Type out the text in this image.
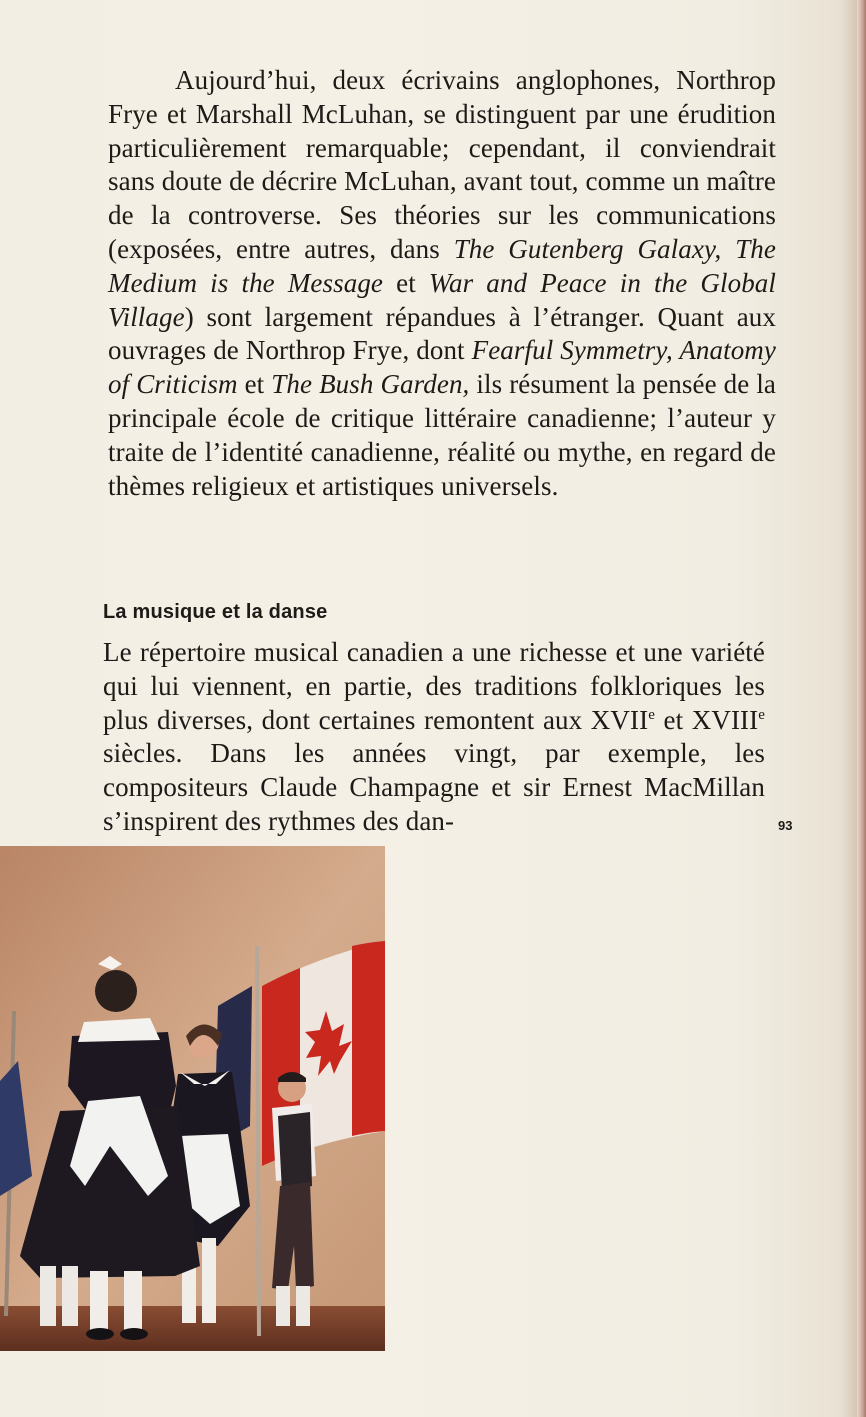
Aujourd’hui, deux écrivains anglophones, Northrop Frye et Marshall McLuhan, se distinguent par une érudition particulièrement remarquable; cependant, il conviendrait sans doute de décrire McLuhan, avant tout, comme un maître de la controverse. Ses théories sur les communications (exposées, entre autres, dans The Gutenberg Galaxy, The Medium is the Message et War and Peace in the Global Village) sont largement répandues à l’étranger. Quant aux ouvrages de Northrop Frye, dont Fearful Symmetry, Anatomy of Criticism et The Bush Garden, ils résument la pensée de la principale école de critique littéraire canadienne; l’auteur y traite de l’identité canadienne, réalité ou mythe, en regard de thèmes religieux et artistiques universels.

La musique et la danse

Le répertoire musical canadien a une richesse et une variété qui lui viennent, en partie, des traditions folkloriques les plus diverses, dont certaines remontent aux XVIIe et XVIIIe siècles. Dans les années vingt, par exemple, les compositeurs Claude Champagne et sir Ernest MacMillan s’inspirent des rythmes des dan-	93
